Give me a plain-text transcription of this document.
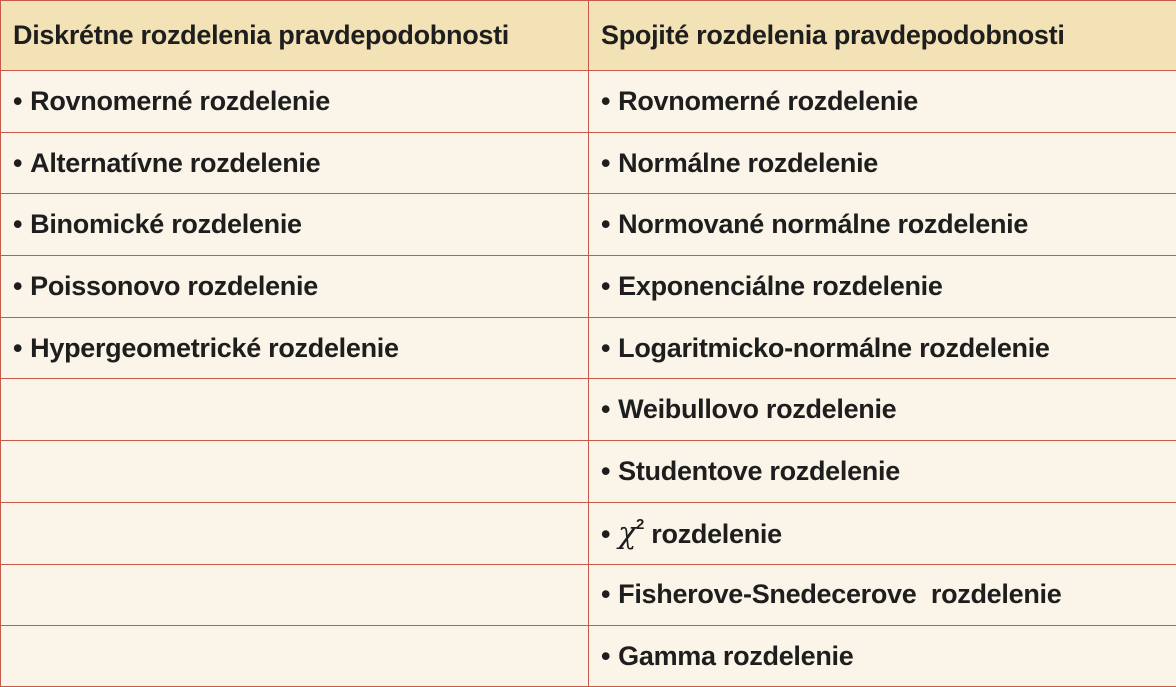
Diskrétne rozdelenia pravdepodobnosti	Spojité rozdelenia pravdepodobnosti
• Rovnomerné rozdelenie	• Rovnomerné rozdelenie
• Alternatívne rozdelenie	• Normálne rozdelenie
• Binomické rozdelenie	• Normované normálne rozdelenie
• Poissonovo rozdelenie	• Exponenciálne rozdelenie
• Hypergeometrické rozdelenie	• Logaritmicko-normálne rozdelenie
	• Weibullovo rozdelenie
	• Studentove rozdelenie
	• $\chi^2$ rozdelenie
	• Fisherove-Snedecerove  rozdelenie
	• Gamma rozdelenie
